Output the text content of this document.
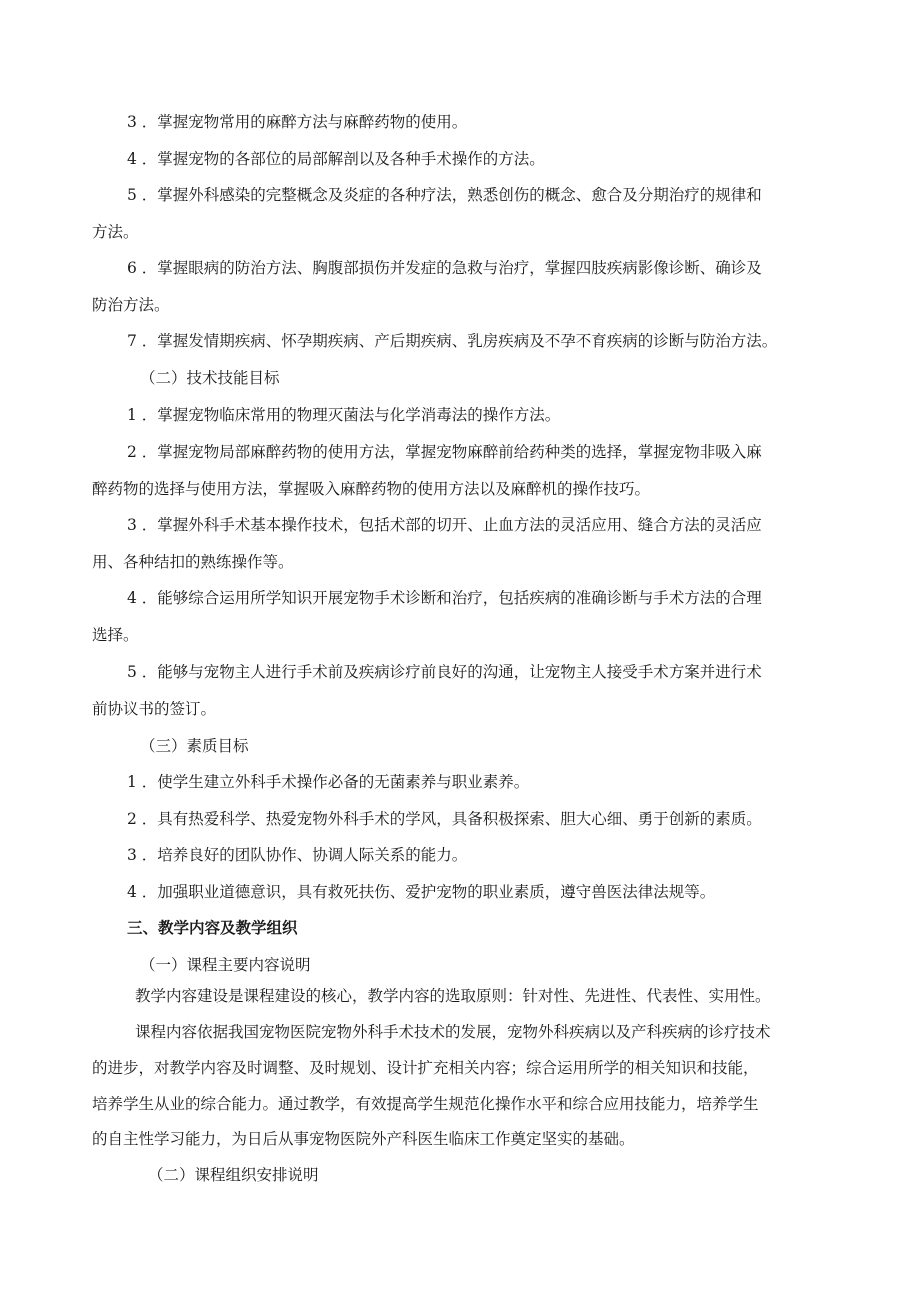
3 ．掌握宠物常用的麻醉方法与麻醉药物的使用。
4 ．掌握宠物的各部位的局部解剖以及各种手术操作的方法。
5 ．掌握外科感染的完整概念及炎症的各种疗法，熟悉创伤的概念、愈合及分期治疗的规律和
方法。
6 ．掌握眼病的防治方法、胸腹部损伤并发症的急救与治疗，掌握四肢疾病影像诊断、确诊及
防治方法。
7 ．掌握发情期疾病、怀孕期疾病、产后期疾病、乳房疾病及不孕不育疾病的诊断与防治方法。
（二）技术技能目标
1 ．掌握宠物临床常用的物理灭菌法与化学消毒法的操作方法。
2 ．掌握宠物局部麻醉药物的使用方法，掌握宠物麻醉前给药种类的选择，掌握宠物非吸入麻
醉药物的选择与使用方法，掌握吸入麻醉药物的使用方法以及麻醉机的操作技巧。
3 ．掌握外科手术基本操作技术，包括术部的切开、止血方法的灵活应用、缝合方法的灵活应
用、各种结扣的熟练操作等。
4 ．能够综合运用所学知识开展宠物手术诊断和治疗，包括疾病的准确诊断与手术方法的合理
选择。
5 ．能够与宠物主人进行手术前及疾病诊疗前良好的沟通，让宠物主人接受手术方案并进行术
前协议书的签订。
（三）素质目标
1 ．使学生建立外科手术操作必备的无菌素养与职业素养。
2 ．具有热爱科学、热爱宠物外科手术的学风，具备积极探索、胆大心细、勇于创新的素质。
3 ．培养良好的团队协作、协调人际关系的能力。
4 ．加强职业道德意识，具有救死扶伤、爱护宠物的职业素质，遵守兽医法律法规等。
三、教学内容及教学组织
（一）课程主要内容说明
教学内容建设是课程建设的核心，教学内容的选取原则：针对性、先进性、代表性、实用性。
课程内容依据我国宠物医院宠物外科手术技术的发展，宠物外科疾病以及产科疾病的诊疗技术
的进步，对教学内容及时调整、及时规划、设计扩充相关内容；综合运用所学的相关知识和技能，
培养学生从业的综合能力。通过教学，有效提高学生规范化操作水平和综合应用技能力，培养学生
的自主性学习能力，为日后从事宠物医院外产科医生临床工作奠定坚实的基础。
（二）课程组织安排说明
